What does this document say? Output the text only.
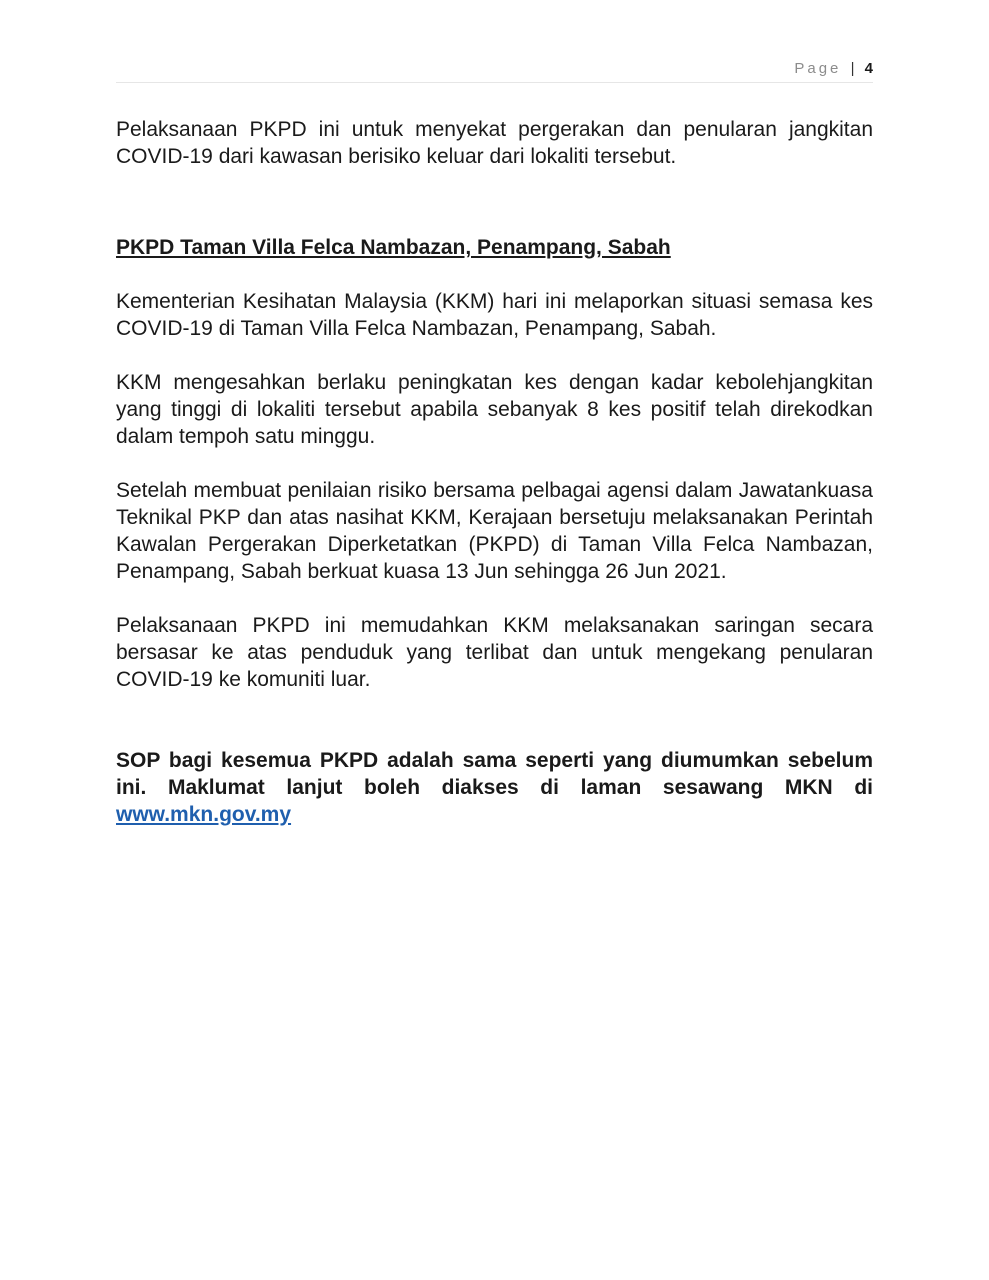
Page | 4

Pelaksanaan PKPD ini untuk menyekat pergerakan dan penularan jangkitan COVID-19 dari kawasan berisiko keluar dari lokaliti tersebut.

PKPD Taman Villa Felca Nambazan, Penampang, Sabah

Kementerian Kesihatan Malaysia (KKM) hari ini melaporkan situasi semasa kes COVID-19 di Taman Villa Felca Nambazan, Penampang, Sabah.

KKM mengesahkan berlaku peningkatan kes dengan kadar kebolehjangkitan yang tinggi di lokaliti tersebut apabila sebanyak 8 kes positif telah direkodkan dalam tempoh satu minggu.

Setelah membuat penilaian risiko bersama pelbagai agensi dalam Jawatankuasa Teknikal PKP dan atas nasihat KKM, Kerajaan bersetuju melaksanakan Perintah Kawalan Pergerakan Diperketatkan (PKPD) di Taman Villa Felca Nambazan, Penampang, Sabah berkuat kuasa 13 Jun sehingga 26 Jun 2021.

Pelaksanaan PKPD ini memudahkan KKM melaksanakan saringan secara bersasar ke atas penduduk yang terlibat dan untuk mengekang penularan COVID-19 ke komuniti luar.

SOP bagi kesemua PKPD adalah sama seperti yang diumumkan sebelum ini. Maklumat lanjut boleh diakses di laman sesawang MKN di www.mkn.gov.my
